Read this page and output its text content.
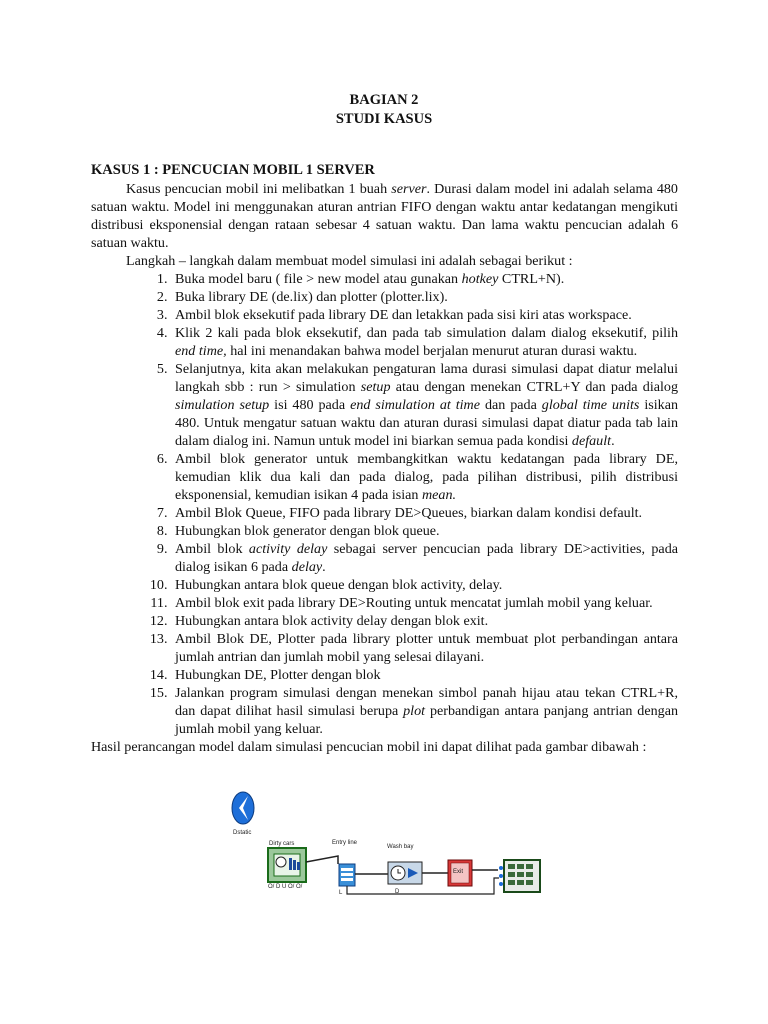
BAGIAN 2
STUDI KASUS
KASUS 1 : PENCUCIAN MOBIL 1 SERVER

Kasus pencucian mobil ini melibatkan 1 buah server. Durasi dalam model ini adalah selama 480 satuan waktu. Model ini menggunakan aturan antrian FIFO dengan waktu antar kedatangan mengikuti distribusi eksponensial dengan rataan sebesar 4 satuan waktu. Dan lama waktu pencucian adalah 6 satuan waktu.

Langkah – langkah dalam membuat model simulasi ini adalah sebagai berikut :

1. Buka model baru ( file > new model atau gunakan hotkey CTRL+N).
2. Buka library DE (de.lix) dan plotter (plotter.lix).
3. Ambil blok eksekutif pada library DE dan letakkan pada sisi kiri atas workspace.
4. Klik 2 kali pada blok eksekutif, dan pada tab simulation dalam dialog eksekutif, pilih end time, hal ini menandakan bahwa model berjalan menurut aturan durasi waktu.
5. Selanjutnya, kita akan melakukan pengaturan lama durasi simulasi dapat diatur melalui langkah sbb : run > simulation setup atau dengan menekan CTRL+Y dan pada dialog simulation setup isi 480 pada end simulation at time dan pada global time units isikan 480. Untuk mengatur satuan waktu dan aturan durasi simulasi dapat diatur pada tab lain dalam dialog ini. Namun untuk model ini biarkan semua pada kondisi default.
6. Ambil blok generator untuk membangkitkan waktu kedatangan pada library DE, kemudian klik dua kali dan pada dialog, pada pilihan distribusi, pilih distribusi eksponensial, kemudian isikan 4 pada isian mean.
7. Ambil Blok Queue, FIFO pada library DE>Queues, biarkan dalam kondisi default.
8. Hubungkan blok generator dengan blok queue.
9. Ambil blok activity delay sebagai server pencucian pada library DE>activities, pada dialog isikan 6 pada delay.
10. Hubungkan antara blok queue dengan blok activity, delay.
11. Ambil blok exit pada library DE>Routing untuk mencatat jumlah mobil yang keluar.
12. Hubungkan antara blok activity delay dengan blok exit.
13. Ambil Blok DE, Plotter pada library plotter untuk membuat plot perbandingan antara jumlah antrian dan jumlah mobil yang selesai dilayani.
14. Hubungkan DE, Plotter dengan blok
15. Jalankan program simulasi dengan menekan simbol panah hijau atau tekan CTRL+R, dan dapat dilihat hasil simulasi berupa plot perbandigan antara panjang antrian dengan jumlah mobil yang keluar.

Hasil perancangan model dalam simulasi pencucian mobil ini dapat dilihat pada gambar dibawah :

Dstatic
Dirty cars
O/ D U O/ O/
Entry line
L
Wash bay
D
Exit
